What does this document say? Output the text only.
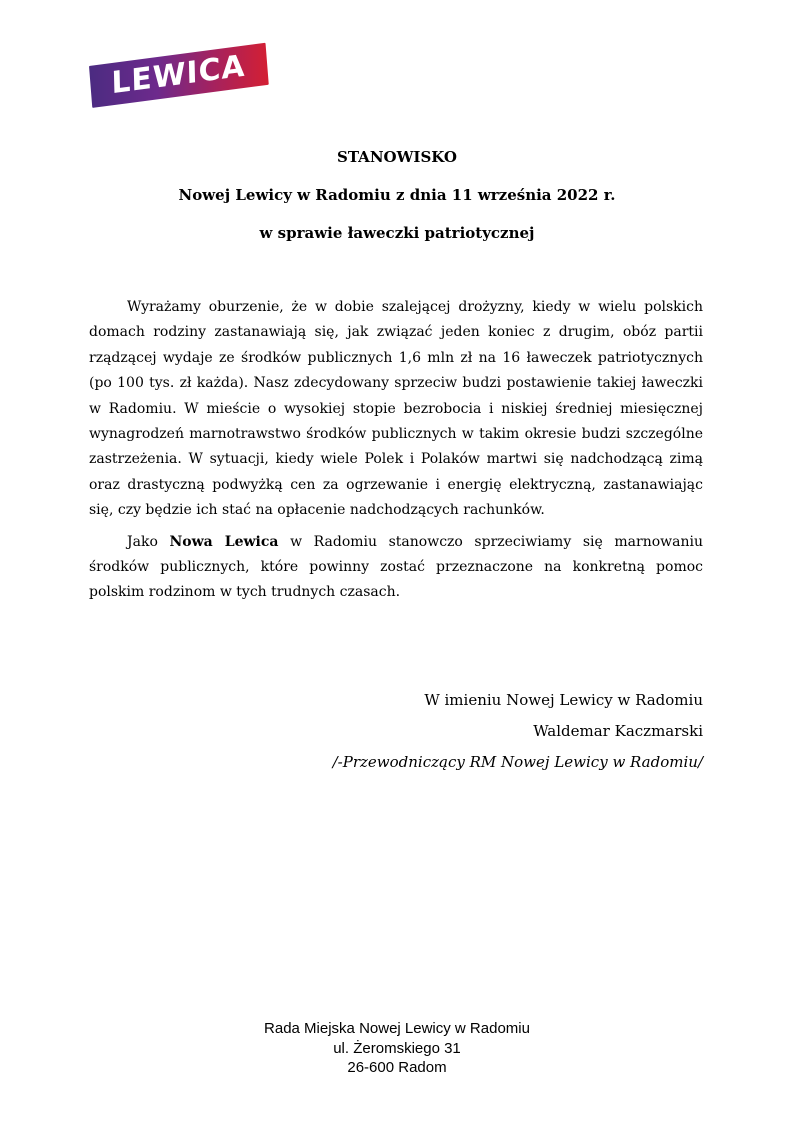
LEWICA

STANOWISKO

Nowej Lewicy w Radomiu z dnia 11 września 2022 r.

w sprawie ławeczki patriotycznej

Wyrażamy oburzenie, że w dobie szalejącej drożyzny, kiedy w wielu polskich domach rodziny zastanawiają się, jak związać jeden koniec z drugim, obóz partii rządzącej wydaje ze środków publicznych 1,6 mln zł na 16 ławeczek patriotycznych (po 100 tys. zł każda). Nasz zdecydowany sprzeciw budzi postawienie takiej ławeczki w Radomiu. W mieście o wysokiej stopie bezrobocia i niskiej średniej miesięcznej wynagrodzeń marnotrawstwo środków publicznych w takim okresie budzi szczególne zastrzeżenia. W sytuacji, kiedy wiele Polek i Polaków martwi się nadchodzącą zimą oraz drastyczną podwyżką cen za ogrzewanie i energię elektryczną, zastanawiając się, czy będzie ich stać na opłacenie nadchodzących rachunków.

Jako Nowa Lewica w Radomiu stanowczo sprzeciwiamy się marnowaniu środków publicznych, które powinny zostać przeznaczone na konkretną pomoc polskim rodzinom w tych trudnych czasach.

W imieniu Nowej Lewicy w Radomiu

Waldemar Kaczmarski

/-Przewodniczący RM Nowej Lewicy w Radomiu/

Rada Miejska Nowej Lewicy w Radomiu

ul. Żeromskiego 31

26-600 Radom
